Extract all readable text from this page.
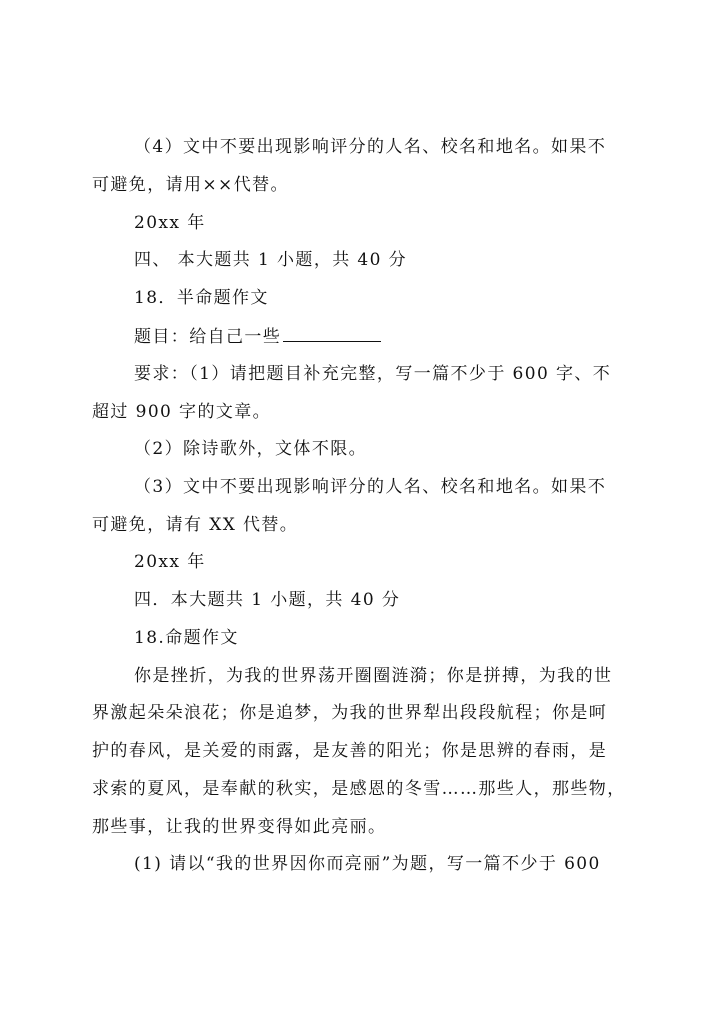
（4）文中不要出现影响评分的人名、校名和地名。如果不
可避免，请用××代替。
20xx 年
四、 本大题共 1 小题，共 40 分
18．半命题作文
题目：给自己一些
要求：（1）请把题目补充完整，写一篇不少于 600 字、不
超过 900 字的文章。
（2）除诗歌外，文体不限。
（3）文中不要出现影响评分的人名、校名和地名。如果不
可避免，请有 XX 代替。
20xx 年
四．本大题共 1 小题，共 40 分
18.命题作文
你是挫折，为我的世界荡开圈圈涟漪；你是拼搏，为我的世
界激起朵朵浪花；你是追梦，为我的世界犁出段段航程；你是呵
护的春风，是关爱的雨露，是友善的阳光；你是思辨的春雨，是
求索的夏风，是奉献的秋实，是感恩的冬雪……那些人，那些物，
那些事，让我的世界变得如此亮丽。
(1) 请以“我的世界因你而亮丽”为题，写一篇不少于 600
